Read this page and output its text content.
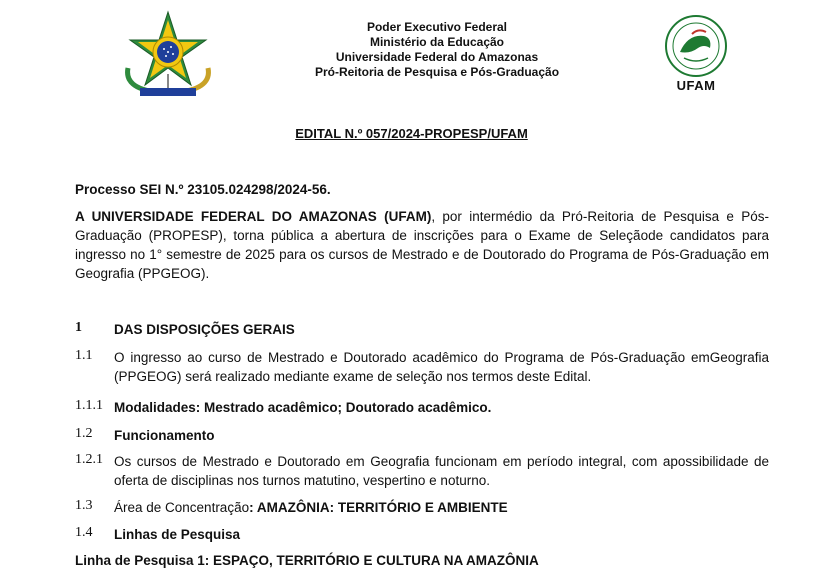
Poder Executivo Federal
Ministério da Educação
Universidade Federal do Amazonas
Pró-Reitoria de Pesquisa e Pós-Graduação
UFAM
EDITAL N.º 057/2024-PROPESP/UFAM
Processo SEI N.º 23105.024298/2024-56.
A UNIVERSIDADE FEDERAL DO AMAZONAS (UFAM), por intermédio da Pró-Reitoria de Pesquisa e Pós-Graduação (PROPESP), torna pública a abertura de inscrições para o Exame de Seleçãode candidatos para ingresso no 1° semestre de 2025 para os cursos de Mestrado e de Doutorado do Programa de Pós-Graduação em Geografia (PPGEOG).
1 DAS DISPOSIÇÕES GERAIS
1.1 O ingresso ao curso de Mestrado e Doutorado acadêmico do Programa de Pós-Graduação emGeografia (PPGEOG) será realizado mediante exame de seleção nos termos deste Edital.
1.1.1 Modalidades: Mestrado acadêmico; Doutorado acadêmico.
1.2 Funcionamento
1.2.1 Os cursos de Mestrado e Doutorado em Geografia funcionam em período integral, com apossibilidade de oferta de disciplinas nos turnos matutino, vespertino e noturno.
1.3 Área de Concentração: AMAZÔNIA: TERRITÓRIO E AMBIENTE
1.4 Linhas de Pesquisa
Linha de Pesquisa 1: ESPAÇO, TERRITÓRIO E CULTURA NA AMAZÔNIA
